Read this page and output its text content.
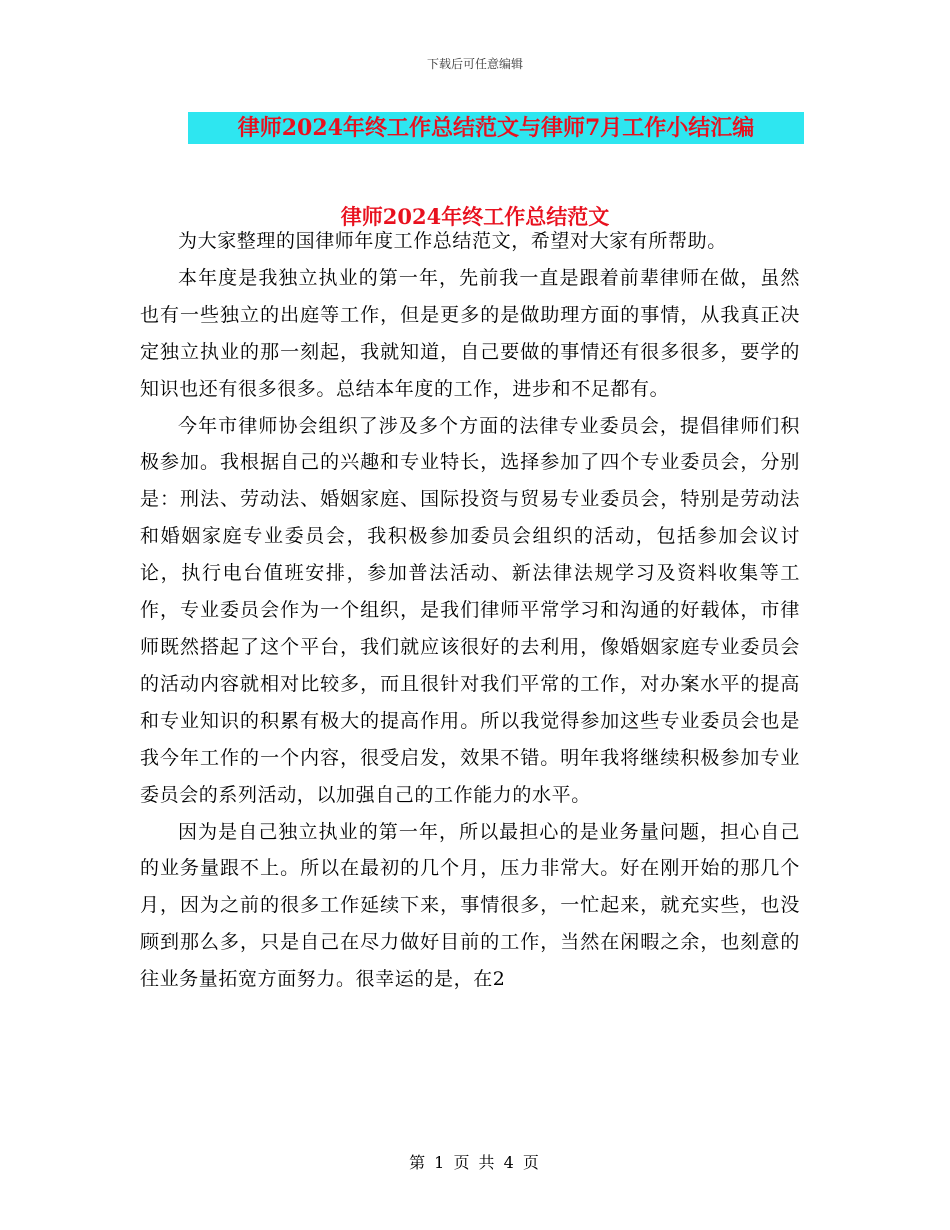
下载后可任意编辑
律师2024年终工作总结范文与律师7月工作小结汇编
律师2024年终工作总结范文

为大家整理的国律师年度工作总结范文，希望对大家有所帮助。

本年度是我独立执业的第一年，先前我一直是跟着前辈律师在做，虽然也有一些独立的出庭等工作，但是更多的是做助理方面的事情，从我真正决定独立执业的那一刻起，我就知道，自己要做的事情还有很多很多，要学的知识也还有很多很多。总结本年度的工作，进步和不足都有。

今年市律师协会组织了涉及多个方面的法律专业委员会，提倡律师们积极参加。我根据自己的兴趣和专业特长，选择参加了四个专业委员会，分别是：刑法、劳动法、婚姻家庭、国际投资与贸易专业委员会，特别是劳动法和婚姻家庭专业委员会，我积极参加委员会组织的活动，包括参加会议讨论，执行电台值班安排，参加普法活动、新法律法规学习及资料收集等工作，专业委员会作为一个组织，是我们律师平常学习和沟通的好载体，市律师既然搭起了这个平台，我们就应该很好的去利用，像婚姻家庭专业委员会的活动内容就相对比较多，而且很针对我们平常的工作，对办案水平的提高和专业知识的积累有极大的提高作用。所以我觉得参加这些专业委员会也是我今年工作的一个内容，很受启发，效果不错。明年我将继续积极参加专业委员会的系列活动，以加强自己的工作能力的水平。

因为是自己独立执业的第一年，所以最担心的是业务量问题，担心自己的业务量跟不上。所以在最初的几个月，压力非常大。好在刚开始的那几个月，因为之前的很多工作延续下来，事情很多，一忙起来，就充实些，也没顾到那么多，只是自己在尽力做好目前的工作，当然在闲暇之余，也刻意的往业务量拓宽方面努力。很幸运的是，在2

第 1 页 共 4 页
